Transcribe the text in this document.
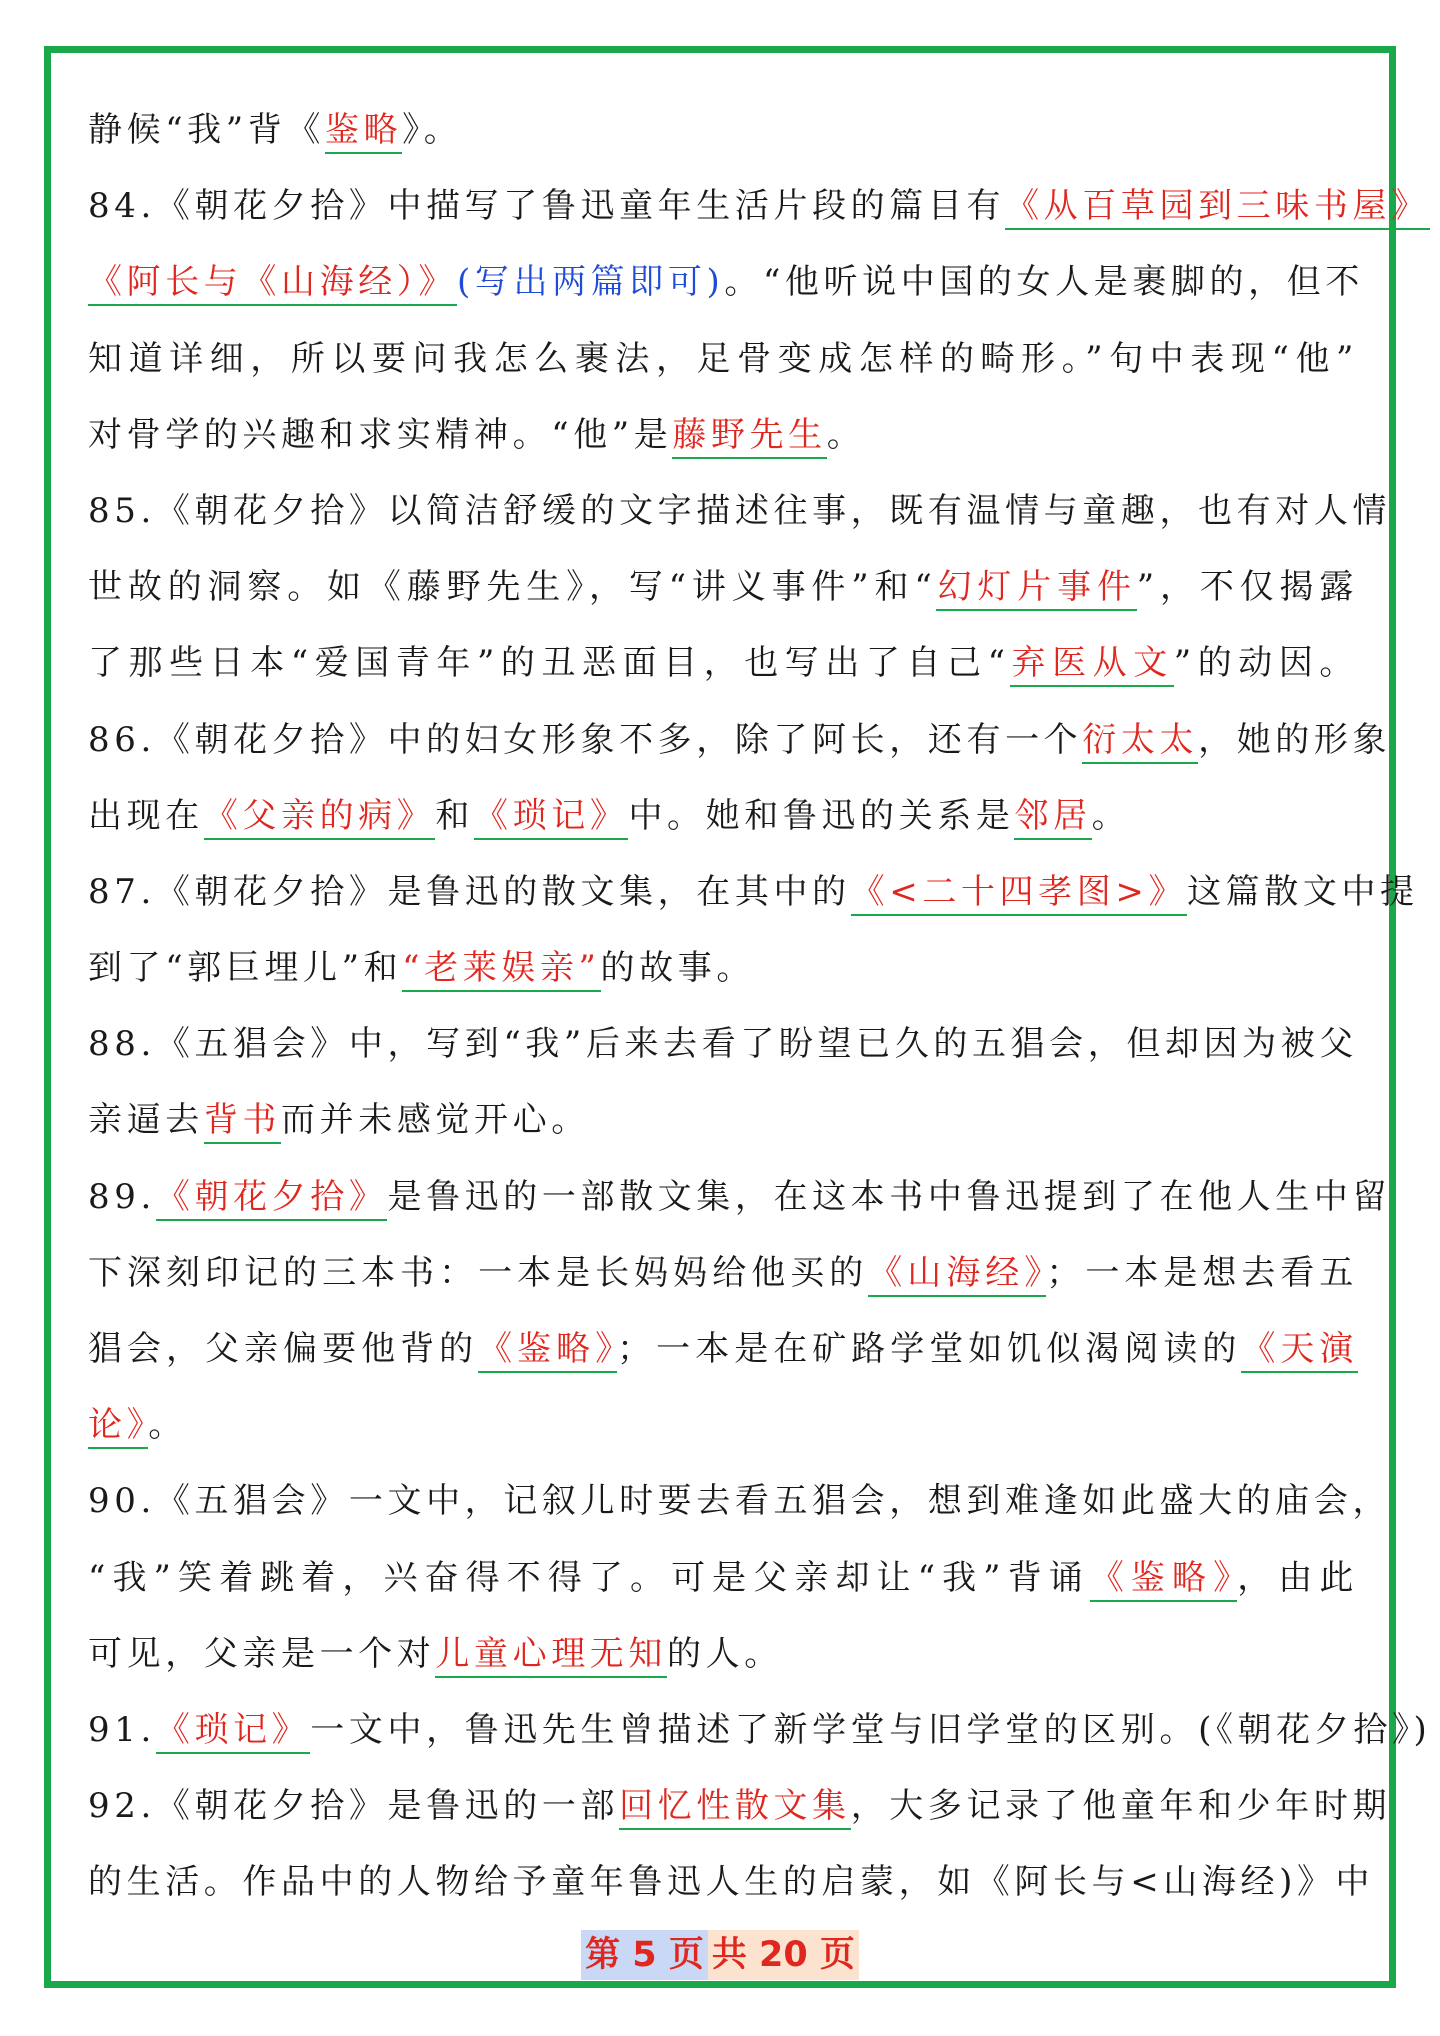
静候“我”背《鉴略》。
84.《朝花夕拾》中描写了鲁迅童年生活片段的篇目有《从百草园到三味书屋》
《阿长与《山海经）》(写出两篇即可)。“他听说中国的女人是裹脚的，但不
知道详细，所以要问我怎么裹法，足骨变成怎样的畸形。”句中表现“他”
对骨学的兴趣和求实精神。“他”是藤野先生。
85.《朝花夕拾》以简洁舒缓的文字描述往事，既有温情与童趣，也有对人情
世故的洞察。如《藤野先生》，写“讲义事件”和“幻灯片事件”，不仅揭露
了那些日本“爱国青年”的丑恶面目，也写出了自己“弃医从文”的动因。
86.《朝花夕拾》中的妇女形象不多，除了阿长，还有一个衍太太，她的形象
出现在《父亲的病》和《琐记》中。她和鲁迅的关系是邻居。
87.《朝花夕拾》是鲁迅的散文集，在其中的《<二十四孝图>》这篇散文中提
到了“郭巨埋儿”和“老莱娱亲”的故事。
88.《五猖会》中，写到“我”后来去看了盼望已久的五猖会，但却因为被父
亲逼去背书而并未感觉开心。
89.《朝花夕拾》是鲁迅的一部散文集，在这本书中鲁迅提到了在他人生中留
下深刻印记的三本书：一本是长妈妈给他买的《山海经》；一本是想去看五
猖会，父亲偏要他背的《鉴略》；一本是在矿路学堂如饥似渴阅读的《天演
论》。
90.《五猖会》一文中，记叙儿时要去看五猖会，想到难逢如此盛大的庙会，
“我”笑着跳着，兴奋得不得了。可是父亲却让“我”背诵《鉴略》，由此
可见，父亲是一个对儿童心理无知的人。
91.《琐记》一文中，鲁迅先生曾描述了新学堂与旧学堂的区别。(《朝花夕拾》)
92.《朝花夕拾》是鲁迅的一部回忆性散文集，大多记录了他童年和少年时期
的生活。作品中的人物给予童年鲁迅人生的启蒙，如《阿长与<山海经)》中
第 5 页 共 20 页
